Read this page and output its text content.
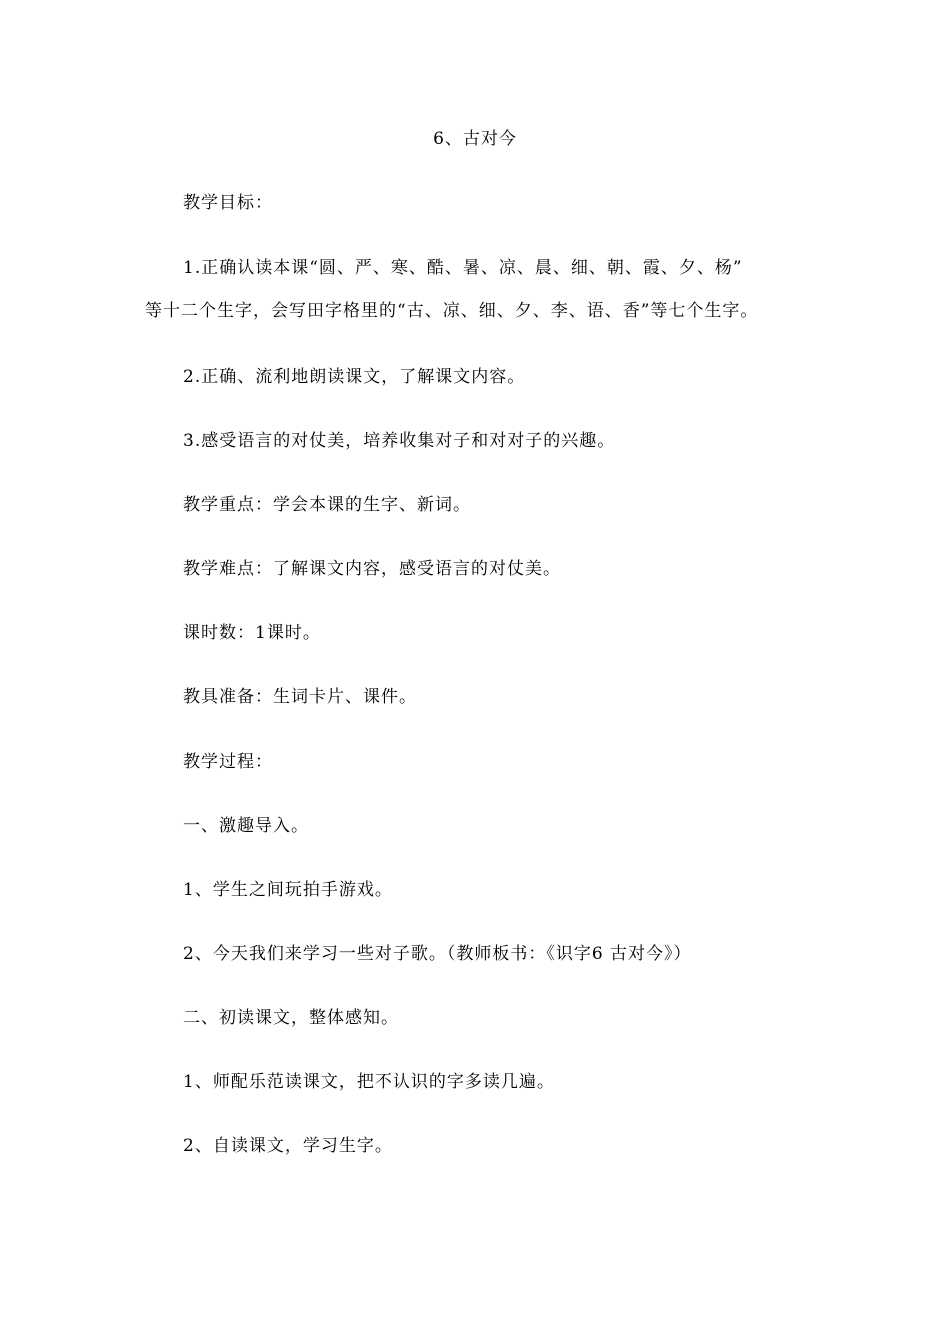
6、古对今
教学目标：
1.正确认读本课“圆、严、寒、酷、暑、凉、晨、细、朝、霞、夕、杨”
等十二个生字，会写田字格里的“古、凉、细、夕、李、语、香”等七个生字。
2.正确、流利地朗读课文，了解课文内容。
3.感受语言的对仗美，培养收集对子和对对子的兴趣。
教学重点：学会本课的生字、新词。
教学难点：了解课文内容，感受语言的对仗美。
课时数：1课时。
教具准备：生词卡片、课件。
教学过程：
一、激趣导入。
1、学生之间玩拍手游戏。
2、今天我们来学习一些对子歌。（教师板书：《识字6 古对今》）
二、初读课文，整体感知。
1、师配乐范读课文，把不认识的字多读几遍。
2、自读课文，学习生字。
